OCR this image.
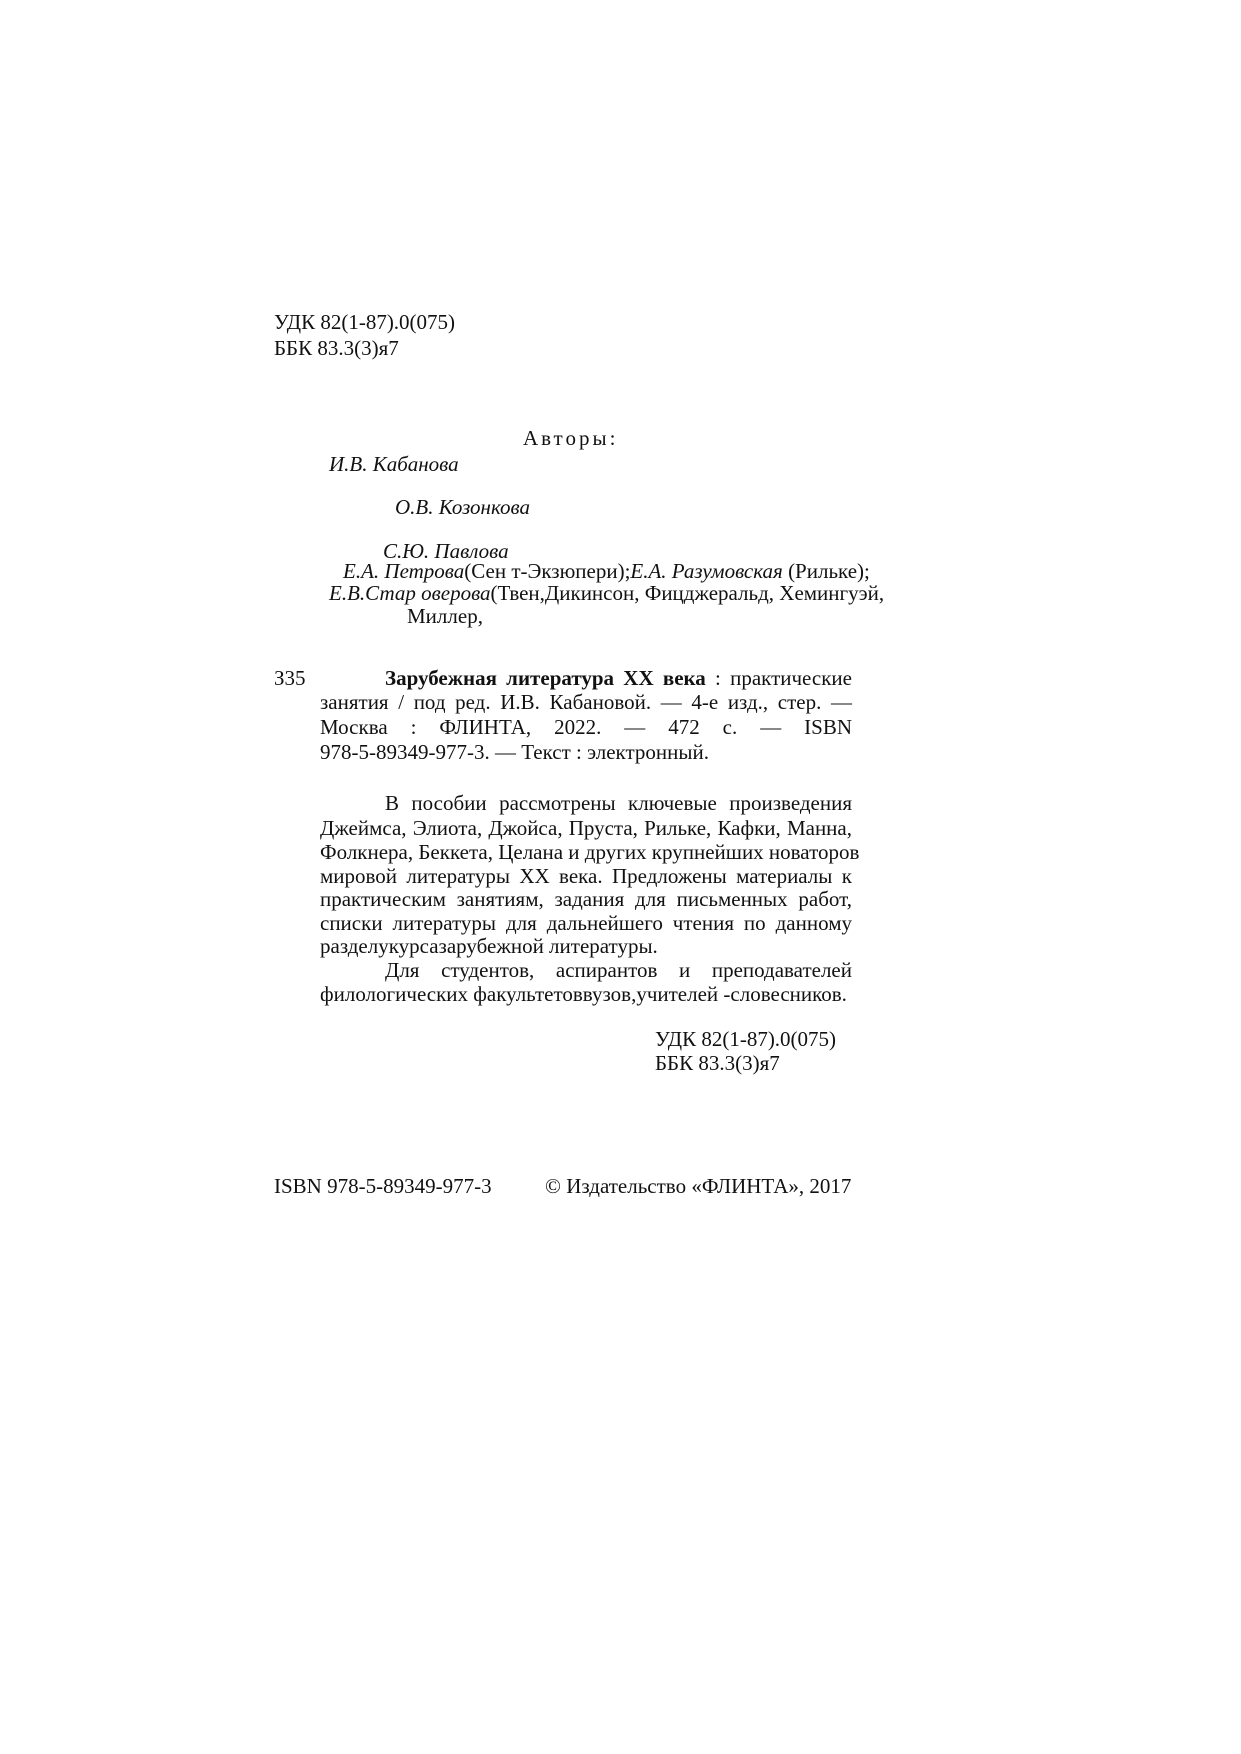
УДК 82(1-87).0(075)
ББК 83.3(3)я7
Авторы:
И.В. Кабанова
О.В. Козонкова
С.Ю. Павлова
Е.А. Петрова(Сен т-Экзюпери);Е.А. Разумовская (Рильке);
Е.В.Стар оверова(Твен,Дикинсон, Фицджеральд, Хемингуэй,
Миллер,
З35	Зарубежная литература XX века : практические
занятия / под ред. И.В. Кабановой. — 4-е изд., стер. —
Москва : ФЛИНТА, 2022. — 472 с. — ISBN
978-5-89349-977-3. — Текст : электронный.
В пособии рассмотрены ключевые произведения
Джеймса, Элиота, Джойса, Пруста, Рильке, Кафки, Манна,
Фолкнера, Беккета, Целана и других крупнейших новаторов
мировой литературы XX века. Предложены материалы к
практическим занятиям, задания для письменных работ,
списки литературы для дальнейшего чтения по данному
разделукурсазарубежной литературы.
Для студентов, аспирантов и преподавателей
филологических факультетоввузов,учителей -словесников.
УДК 82(1-87).0(075)
ББК 83.3(3)я7
ISBN 978-5-89349-977-3	© Издательство «ФЛИНТА», 2017
